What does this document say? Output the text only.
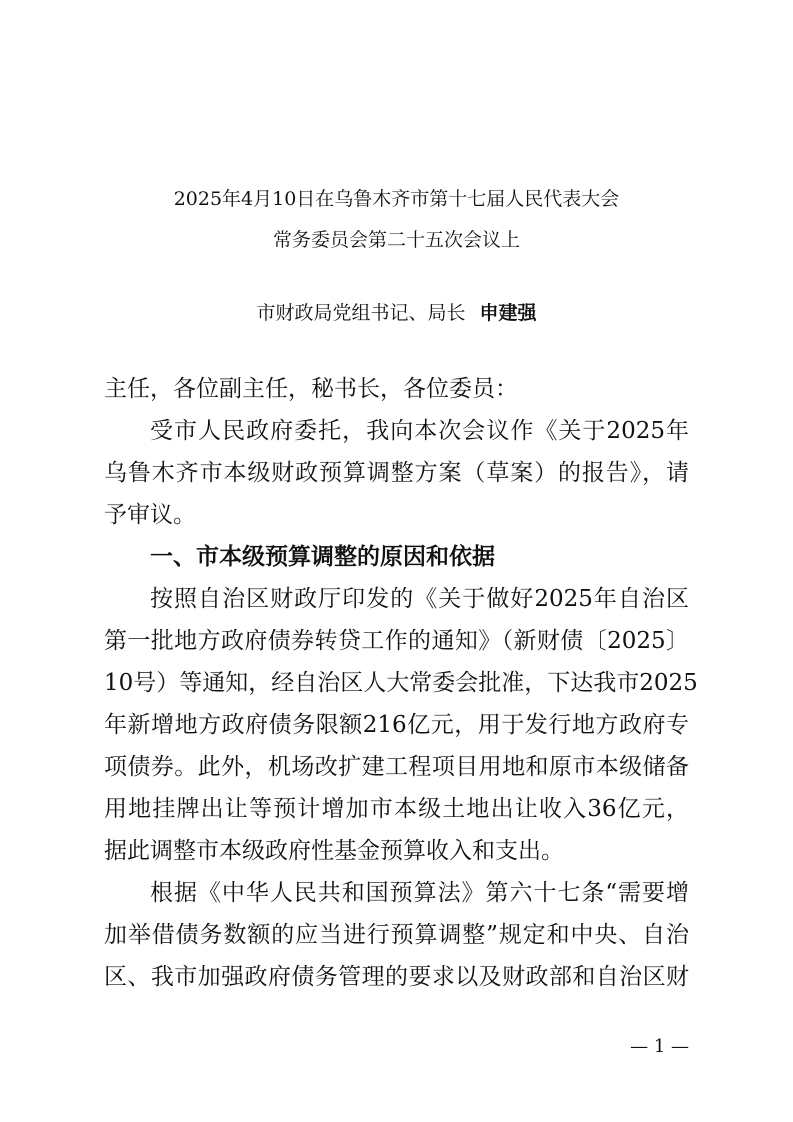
2025年4月10日在乌鲁木齐市第十七届人民代表大会
常务委员会第二十五次会议上
市财政局党组书记、局长 申建强
主任，各位副主任，秘书长，各位委员：
受市人民政府委托，我向本次会议作《关于2025年
乌鲁木齐市本级财政预算调整方案（草案）的报告》，请
予审议。
一、市本级预算调整的原因和依据
按照自治区财政厅印发的《关于做好2025年自治区
第一批地方政府债券转贷工作的通知》（新财债〔2025〕
10号）等通知，经自治区人大常委会批准，下达我市2025
年新增地方政府债务限额216亿元，用于发行地方政府专
项债券。此外，机场改扩建工程项目用地和原市本级储备
用地挂牌出让等预计增加市本级土地出让收入36亿元，
据此调整市本级政府性基金预算收入和支出。
根据《中华人民共和国预算法》第六十七条“需要增
加举借债务数额的应当进行预算调整”规定和中央、自治
区、我市加强政府债务管理的要求以及财政部和自治区财
— 1 —
